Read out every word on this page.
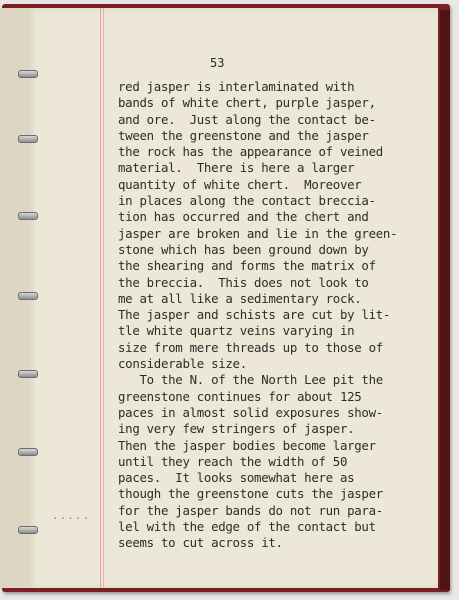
53
red jasper is interlaminated with
bands of white chert, purple jasper,
and ore.  Just along the contact be-
tween the greenstone and the jasper
the rock has the appearance of veined
material.  There is here a larger
quantity of white chert.  Moreover
in places along the contact breccia-
tion has occurred and the chert and
jasper are broken and lie in the green-
stone which has been ground down by
the shearing and forms the matrix of
the breccia.  This does not look to
me at all like a sedimentary rock.
The jasper and schists are cut by lit-
tle white quartz veins varying in
size from mere threads up to those of
considerable size.
To the N. of the North Lee pit the
greenstone continues for about 125
paces in almost solid exposures show-
ing very few stringers of jasper.
Then the jasper bodies become larger
until they reach the width of 50
paces.  It looks somewhat here as
though the greenstone cuts the jasper
for the jasper bands do not run para-
lel with the edge of the contact but
seems to cut across it.
·····
